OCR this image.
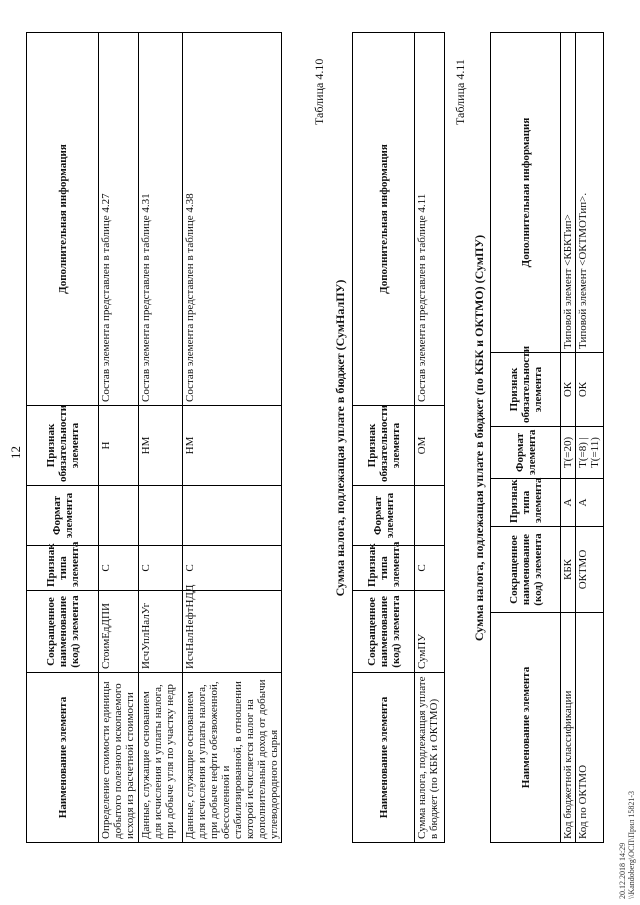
12
Наименование элемента	Сокращенное наименование (код) элемента	Признак типа элемента	Формат элемента	Признак обязательности элемента	Дополнительная информация
Определение стоимости единицы добытого полезного ископаемого исходя из расчетной стоимости	СтоимЕдДПИ	С		Н	Состав элемента представлен в таблице 4.27
Данные, служащие основанием для исчисления и уплаты налога, при добыче угля по участку недр	ИсчУплНалУг	С		НМ	Состав элемента представлен в таблице 4.31
Данные, служащие основанием для исчисления и уплаты налога, при добыче нефти обезвоженной, обессоленной и стабилизированной, в отношении которой исчисляется налог на дополнительный доход от добычи углеводородного сырья	ИсчНалНефтНДД	С		НМ	Состав элемента представлен в таблице 4.38
Таблица 4.10
Сумма налога, подлежащая уплате в бюджет (СумНалПУ)
Наименование элемента	Сокращенное наименование (код) элемента	Признак типа элемента	Формат элемента	Признак обязательности элемента	Дополнительная информация
Сумма налога, подлежащая уплате в бюджет (по КБК и ОКТМО)	СумПУ	С		ОМ	Состав элемента представлен в таблице 4.11
Таблица 4.11
Сумма налога, подлежащая уплате в бюджет (по КБК и ОКТМО) (СумПУ)
Наименование элемента	Сокращенное наименование (код) элемента	Признак типа элемента	Формат элемента	Признак обязательности элемента	Дополнительная информация
Код бюджетной классификации	КБК	А	T(=20)	ОК	Типовой элемент <КБКТип>
Код по ОКТМО	ОКТМО	А	T(=8) | T(=11)	ОК	Типовой элемент <ОКТМОТип>.
20.12.2018 14:29 \\Kandoberg\ОСП\Прил 15821-3
